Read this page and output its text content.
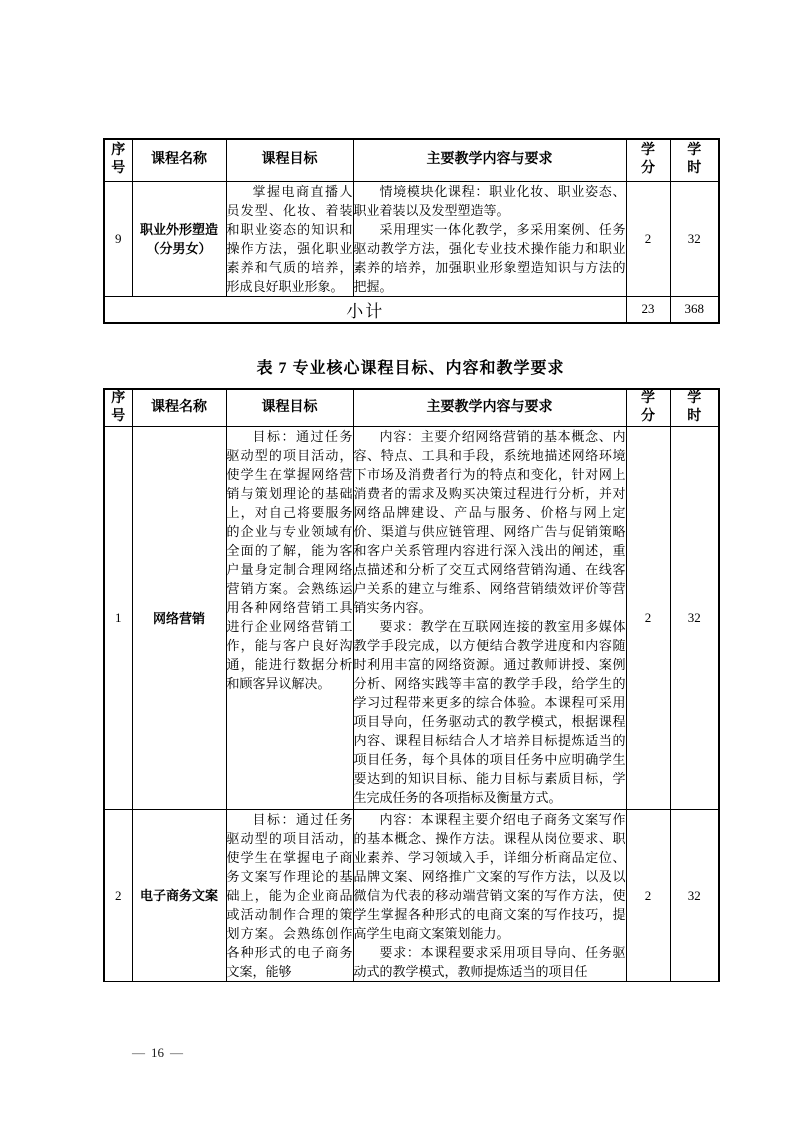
序号	课程名称	课程目标	主要教学内容与要求	学分	学时
9	职业外形塑造（分男女）	掌握电商直播人员发型、化妆、着装和职业姿态的知识和操作方法，强化职业素养和气质的培养，形成良好职业形象。	情境模块化课程：职业化妆、职业姿态、职业着装以及发型塑造等。

采用理实一体化教学，多采用案例、任务驱动教学方法，强化专业技术操作能力和职业素养的培养，加强职业形象塑造知识与方法的把握。	2	32
小计				23	368
表 7 专业核心课程目标、内容和教学要求
序号	课程名称	课程目标	主要教学内容与要求	学分	学时
1	网络营销	目标：通过任务驱动型的项目活动，使学生在掌握网络营销与策划理论的基础上，对自己将要服务的企业与专业领域有全面的了解，能为客户量身定制合理网络营销方案。会熟练运用各种网络营销工具进行企业网络营销工作，能与客户良好沟通，能进行数据分析和顾客异议解决。	内容：主要介绍网络营销的基本概念、内容、特点、工具和手段，系统地描述网络环境下市场及消费者行为的特点和变化，针对网上消费者的需求及购买决策过程进行分析，并对网络品牌建设、产品与服务、价格与网上定价、渠道与供应链管理、网络广告与促销策略和客户关系管理内容进行深入浅出的阐述，重点描述和分析了交互式网络营销沟通、在线客户关系的建立与维系、网络营销绩效评价等营销实务内容。

要求：教学在互联网连接的教室用多媒体教学手段完成，以方便结合教学进度和内容随时利用丰富的网络资源。通过教师讲授、案例分析、网络实践等丰富的教学手段，给学生的学习过程带来更多的综合体验。本课程可采用项目导向，任务驱动式的教学模式，根据课程内容、课程目标结合人才培养目标提炼适当的项目任务，每个具体的项目任务中应明确学生要达到的知识目标、能力目标与素质目标，学生完成任务的各项指标及衡量方式。	2	32
2	电子商务文案	目标：通过任务驱动型的项目活动，使学生在掌握电子商务文案写作理论的基础上，能为企业商品或活动制作合理的策划方案。会熟练创作各种形式的电子商务文案，能够	内容：本课程主要介绍电子商务文案写作的基本概念、操作方法。课程从岗位要求、职业素养、学习领域入手，详细分析商品定位、品牌文案、网络推广文案的写作方法，以及以微信为代表的移动端营销文案的写作方法，使学生掌握各种形式的电商文案的写作技巧，提高学生电商文案策划能力。

要求：本课程要求采用项目导向、任务驱动式的教学模式，教师提炼适当的项目任	2	32
— 16 —
